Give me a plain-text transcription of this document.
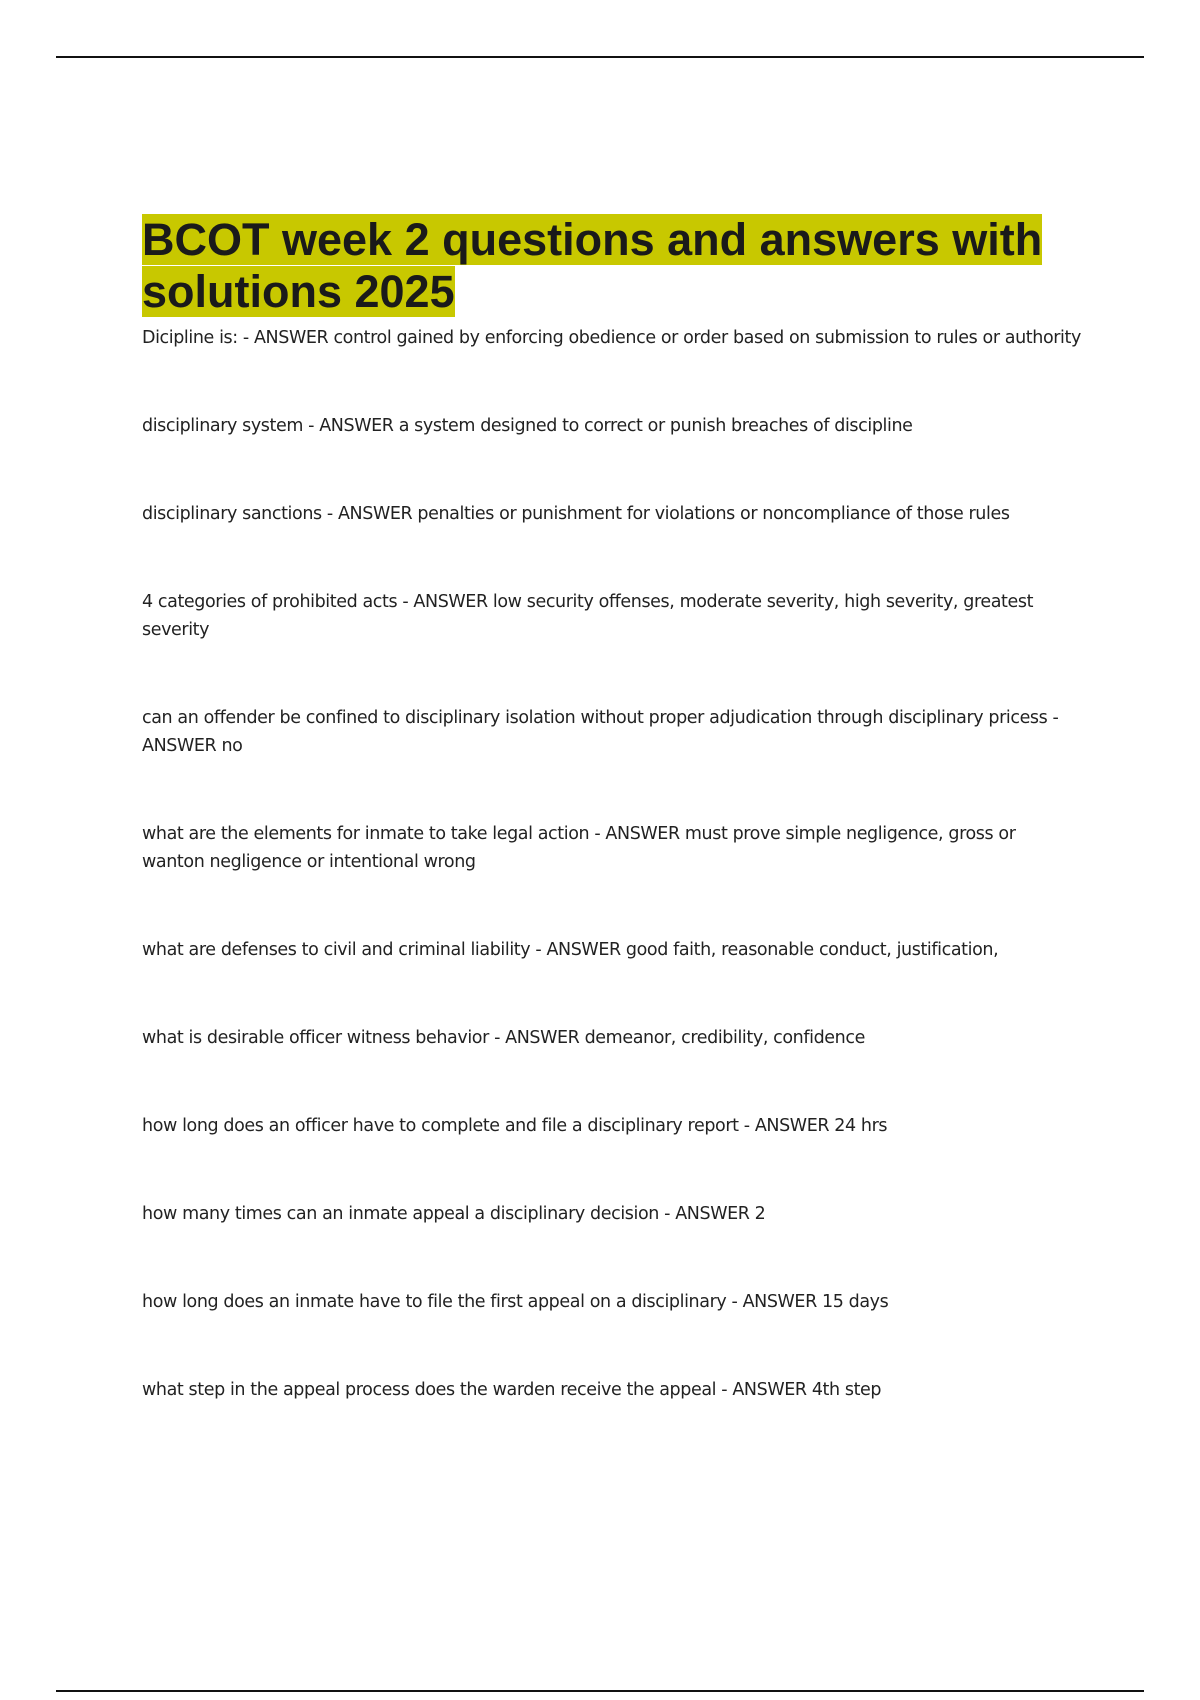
BCOT week 2 questions and answers with solutions 2025
Dicipline is: - ANSWER control gained by enforcing obedience or order based on submission to rules or authority
disciplinary system - ANSWER a system designed to correct or punish breaches of discipline
disciplinary sanctions - ANSWER penalties or punishment for violations or noncompliance of those rules
4 categories of prohibited acts - ANSWER low security offenses, moderate severity, high severity, greatest severity
can an offender be confined to disciplinary isolation without proper adjudication through disciplinary pricess - ANSWER no
what are the elements for inmate to take legal action - ANSWER must prove simple negligence, gross or wanton negligence or intentional wrong
what are defenses to civil and criminal liability - ANSWER good faith, reasonable conduct, justification,
what is desirable officer witness behavior - ANSWER demeanor, credibility, confidence
how long does an officer have to complete and file a disciplinary report - ANSWER 24 hrs
how many times can an inmate appeal a disciplinary decision - ANSWER 2
how long does an inmate have to file the first appeal on a disciplinary - ANSWER 15 days
what step in the appeal process does the warden receive the appeal - ANSWER 4th step
